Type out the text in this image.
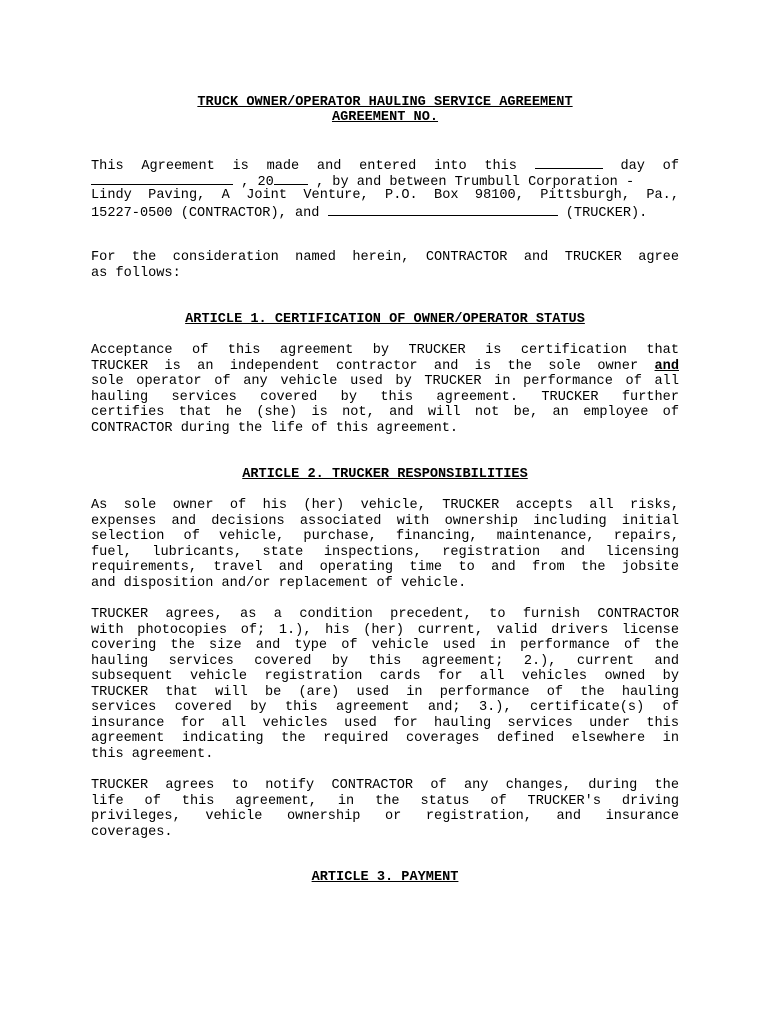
TRUCK OWNER/OPERATOR HAULING SERVICE AGREEMENT
AGREEMENT NO.
This Agreement is made and entered into this	day of
, 20	, by and between Trumbull Corporation -
Lindy Paving, A Joint Venture, P.O. Box 98100, Pittsburgh, Pa.,
15227-0500 (CONTRACTOR), and	(TRUCKER).
For the consideration named herein, CONTRACTOR and TRUCKER agree
as follows:
ARTICLE 1. CERTIFICATION OF OWNER/OPERATOR STATUS
Acceptance of this agreement by TRUCKER is certification that
TRUCKER is an independent contractor and is the sole owner and
sole operator of any vehicle used by TRUCKER in performance of all
hauling services covered by this agreement. TRUCKER further
certifies that he (she) is not, and will not be, an employee of
CONTRACTOR during the life of this agreement.
ARTICLE 2. TRUCKER RESPONSIBILITIES
As sole owner of his (her) vehicle, TRUCKER accepts all risks,
expenses and decisions associated with ownership including initial
selection of vehicle, purchase, financing, maintenance, repairs,
fuel, lubricants, state inspections, registration and licensing
requirements, travel and operating time to and from the jobsite
and disposition and/or replacement of vehicle.
TRUCKER agrees, as a condition precedent, to furnish CONTRACTOR
with photocopies of; 1.), his (her) current, valid drivers license
covering the size and type of vehicle used in performance of the
hauling services covered by this agreement; 2.), current and
subsequent vehicle registration cards for all vehicles owned by
TRUCKER that will be (are) used in performance of the hauling
services covered by this agreement and; 3.), certificate(s) of
insurance for all vehicles used for hauling services under this
agreement indicating the required coverages defined elsewhere in
this agreement.
TRUCKER agrees to notify CONTRACTOR of any changes, during the
life of this agreement, in the status of TRUCKER's driving
privileges, vehicle ownership or registration, and insurance
coverages.
ARTICLE 3. PAYMENT
